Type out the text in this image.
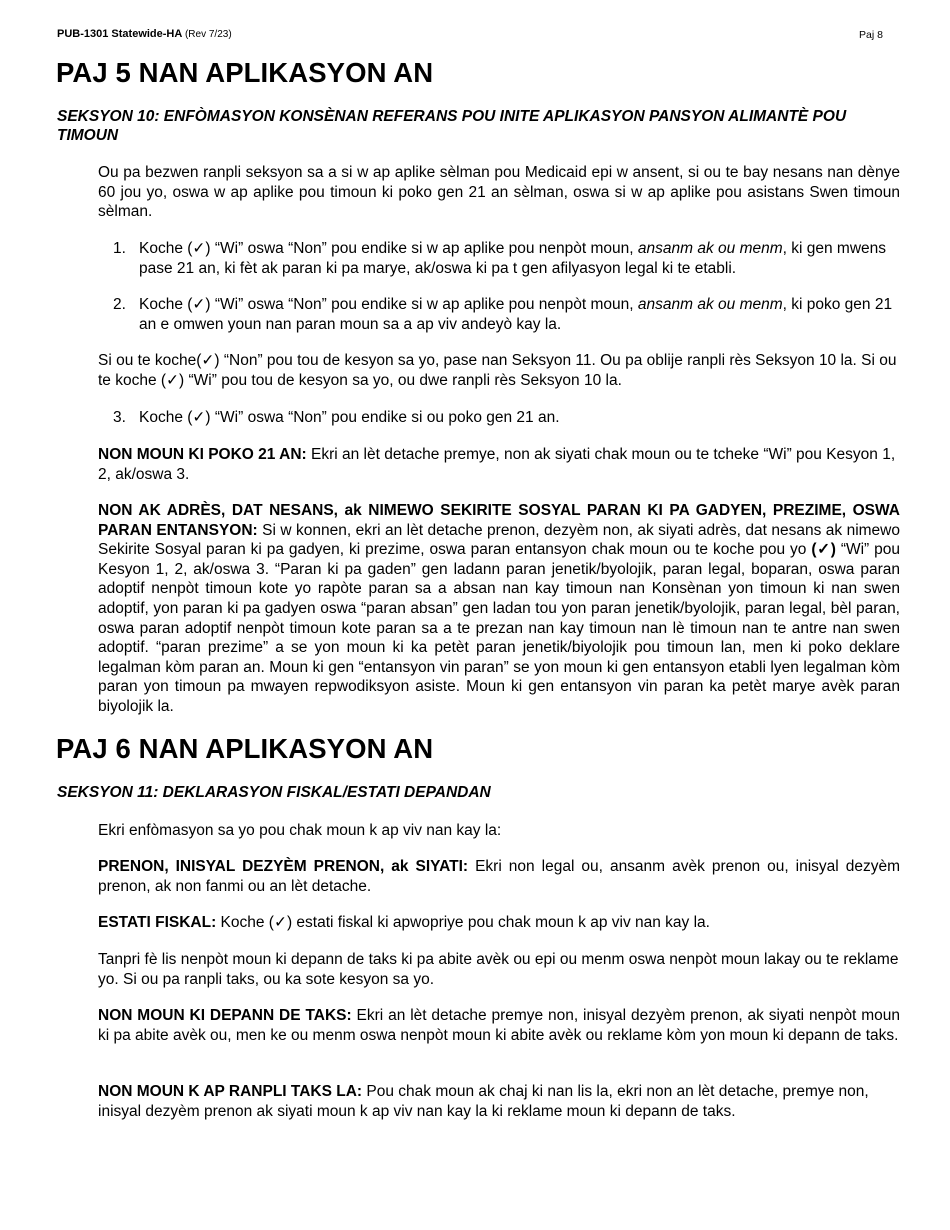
PUB-1301 Statewide-HA (Rev 7/23)	Paj 8
PAJ 5 NAN APLIKASYON AN
SEKSYON 10: ENFÒMASYON KONSÈNAN REFERANS POU INITE APLIKASYON PANSYON ALIMANTÈ POU TIMOUN

Ou pa bezwen ranpli seksyon sa a si w ap aplike sèlman pou Medicaid epi w ansent, si ou te bay nesans nan dènye 60 jou yo, oswa w ap aplike pou timoun ki poko gen 21 an sèlman, oswa si w ap aplike pou asistans Swen timoun sèlman.

1. Koche (✓) “Wi” oswa “Non” pou endike si w ap aplike pou nenpòt moun, ansanm ak ou menm, ki gen mwens pase 21 an, ki fèt ak paran ki pa marye, ak/oswa ki pa t gen afilyasyon legal ki te etabli.
2. Koche (✓) “Wi” oswa “Non” pou endike si w ap aplike pou nenpòt moun, ansanm ak ou menm, ki poko gen 21 an e omwen youn nan paran moun sa a ap viv andeyò kay la.

Si ou te koche(✓) “Non” pou tou de kesyon sa yo, pase nan Seksyon 11. Ou pa oblije ranpli rès Seksyon 10 la. Si ou te koche (✓) “Wi” pou tou de kesyon sa yo, ou dwe ranpli rès Seksyon 10 la.

3. Koche (✓) “Wi” oswa “Non” pou endike si ou poko gen 21 an.

NON MOUN KI POKO 21 AN: Ekri an lèt detache premye, non ak siyati chak moun ou te tcheke “Wi” pou Kesyon 1, 2, ak/oswa 3.

NON AK ADRÈS, DAT NESANS, ak NIMEWO SEKIRITE SOSYAL PARAN KI PA GADYEN, PREZIME, OSWA PARAN ENTANSYON: Si w konnen, ekri an lèt detache prenon, dezyèm non, ak siyati adrès, dat nesans ak nimewo Sekirite Sosyal paran ki pa gadyen, ki prezime, oswa paran entansyon chak moun ou te koche pou yo (✓) “Wi” pou Kesyon 1, 2, ak/oswa 3. “Paran ki pa gaden” gen ladann paran jenetik/byolojik, paran legal, boparan, oswa paran adoptif nenpòt timoun kote yo rapòte paran sa a absan nan kay timoun nan Konsènan yon timoun ki nan swen adoptif, yon paran ki pa gadyen oswa “paran absan” gen ladan tou yon paran jenetik/byolojik, paran legal, bèl paran, oswa paran adoptif nenpòt timoun kote paran sa a te prezan nan kay timoun nan lè timoun nan te antre nan swen adoptif. “paran prezime” a se yon moun ki ka petèt paran jenetik/biyolojik pou timoun lan, men ki poko deklare legalman kòm paran an. Moun ki gen “entansyon vin paran” se yon moun ki gen entansyon etabli lyen legalman kòm paran yon timoun pa mwayen repwodiksyon asiste. Moun ki gen entansyon vin paran ka petèt marye avèk paran biyolojik la.

PAJ 6 NAN APLIKASYON AN
SEKSYON 11: DEKLARASYON FISKAL/ESTATI DEPANDAN

Ekri enfòmasyon sa yo pou chak moun k ap viv nan kay la:

PRENON, INISYAL DEZYÈM PRENON, ak SIYATI: Ekri non legal ou, ansanm avèk prenon ou, inisyal dezyèm prenon, ak non fanmi ou an lèt detache.

ESTATI FISKAL: Koche (✓) estati fiskal ki apwopriye pou chak moun k ap viv nan kay la.

Tanpri fè lis nenpòt moun ki depann de taks ki pa abite avèk ou epi ou menm oswa nenpòt moun lakay ou te reklame yo. Si ou pa ranpli taks, ou ka sote kesyon sa yo.

NON MOUN KI DEPANN DE TAKS: Ekri an lèt detache premye non, inisyal dezyèm prenon, ak siyati nenpòt moun ki pa abite avèk ou, men ke ou menm oswa nenpòt moun ki abite avèk ou reklame kòm yon moun ki depann de taks.

NON MOUN K AP RANPLI TAKS LA: Pou chak moun ak chaj ki nan lis la, ekri non an lèt detache, premye non, inisyal dezyèm prenon ak siyati moun k ap viv nan kay la ki reklame moun ki depann de taks.
